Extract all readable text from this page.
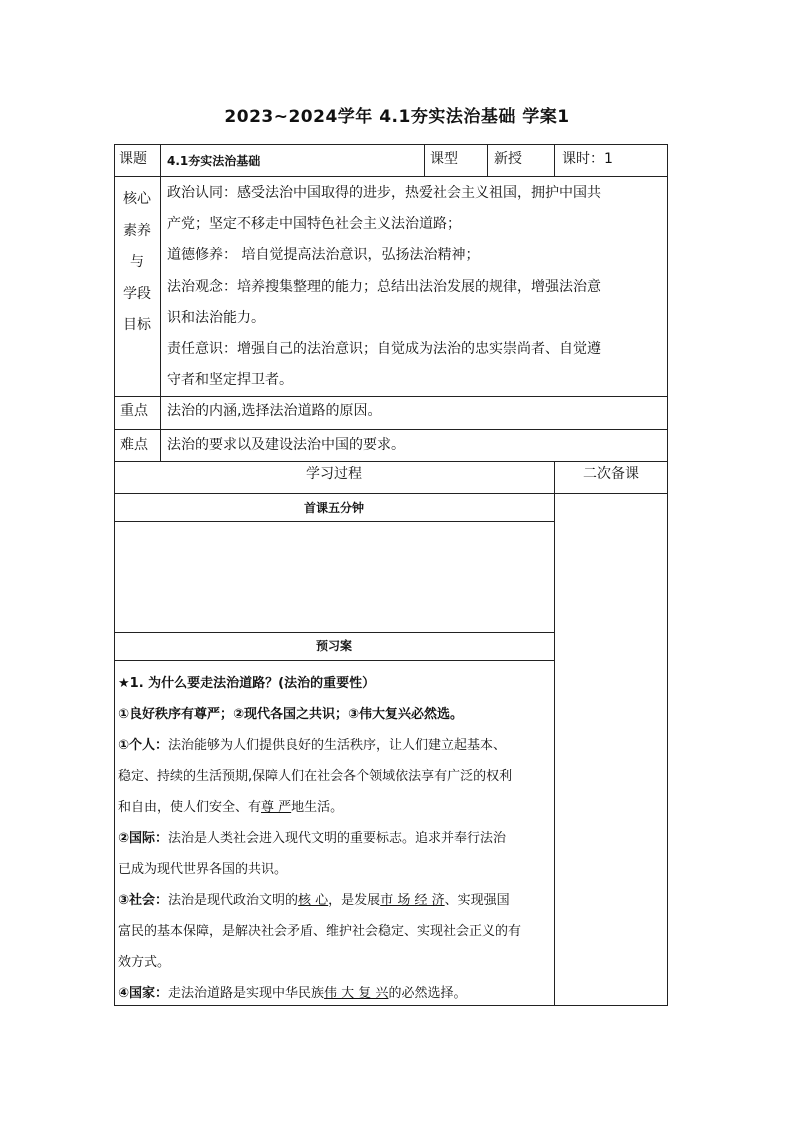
2023~2024学年 4.1夯实法治基础 学案1
课题 4.1夯实法治基础	课型	新授	课时：1
核心
素养
与
学段
目标
政治认同：感受法治中国取得的进步，热爱社会主义祖国，拥护中国共
产党；坚定不移走中国特色社会主义法治道路；
道德修养： 培自觉提高法治意识，弘扬法治精神；
法治观念：培养搜集整理的能力；总结出法治发展的规律，增强法治意
识和法治能力。
责任意识：增强自己的法治意识；自觉成为法治的忠实崇尚者、自觉遵
守者和坚定捍卫者。
重点 法治的内涵,选择法治道路的原因。
难点 法治的要求以及建设法治中国的要求。
学习过程	二次备课
首课五分钟
预习案
★1. 为什么要走法治道路？(法治的重要性）
①良好秩序有尊严；②现代各国之共识；③伟大复兴必然选。
①个人：法治能够为人们提供良好的生活秩序，让人们建立起基本、
稳定、持续的生活预期,保障人们在社会各个领域依法享有广泛的权利
和自由，使人们安全、有尊 严地生活。
②国际：法治是人类社会进入现代文明的重要标志。追求并奉行法治
已成为现代世界各国的共识。
③社会：法治是现代政治文明的核 心，是发展市 场 经 济、实现强国
富民的基本保障，是解决社会矛盾、维护社会稳定、实现社会正义的有
效方式。
④国家：走法治道路是实现中华民族伟 大 复 兴的必然选择。
